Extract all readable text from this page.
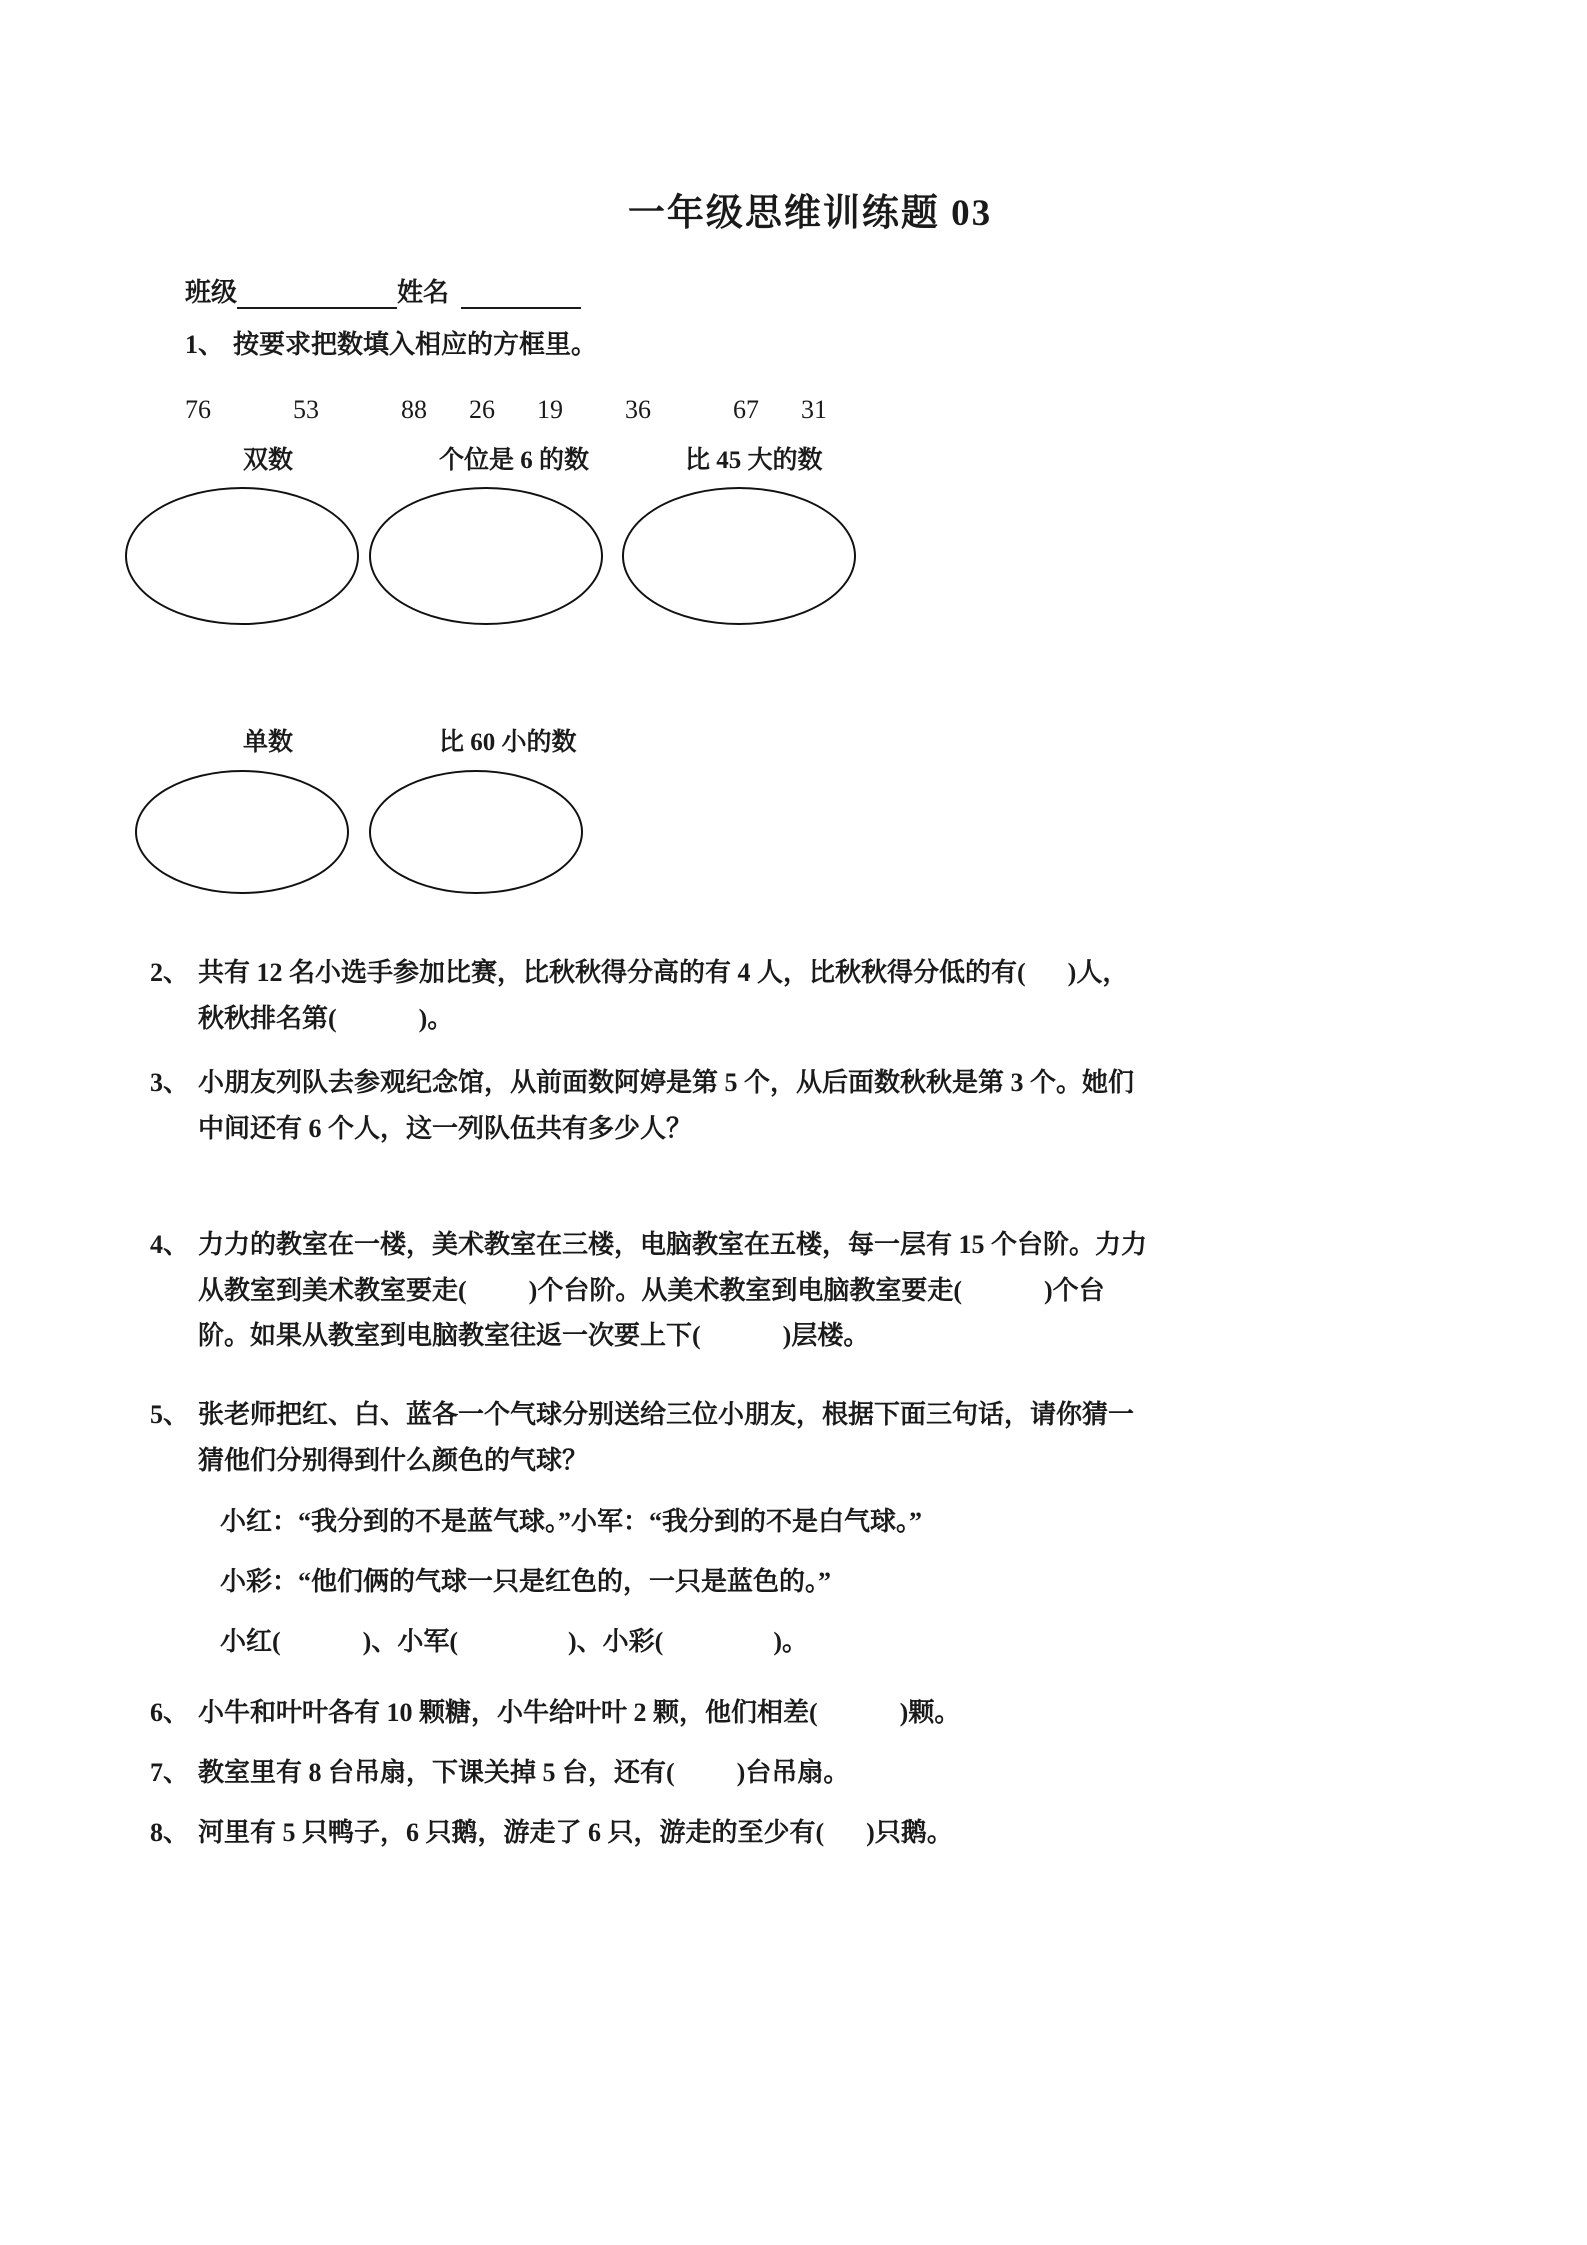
一年级思维训练题 03
班级	姓名
1、 按要求把数填入相应的方框里。
76	53	88 26 19 36	67 31
双数	个位是 6 的数	比 45 大的数
单数	比 60 小的数
2、 共有 12 名小选手参加比赛，比秋秋得分高的有 4 人，比秋秋得分低的有( )人，
秋秋排名第(	)。
3、 小朋友列队去参观纪念馆，从前面数阿婷是第 5 个，从后面数秋秋是第 3 个。她们
中间还有 6 个人，这一列队伍共有多少人？
4、 力力的教室在一楼，美术教室在三楼，电脑教室在五楼，每一层有 15 个台阶。力力
从教室到美术教室要走( )个台阶。从美术教室到电脑教室要走(	)个台
阶。如果从教室到电脑教室往返一次要上下(	)层楼。
5、 张老师把红、白、蓝各一个气球分别送给三位小朋友，根据下面三句话，请你猜一
猜他们分别得到什么颜色的气球？
小红：“我分到的不是蓝气球。”小军：“我分到的不是白气球。”
小彩：“他们俩的气球一只是红色的，一只是蓝色的。”
小红(	)、小军(	)、小彩(	)。
6、 小牛和叶叶各有 10 颗糖，小牛给叶叶 2 颗，他们相差(	)颗。
7、 教室里有 8 台吊扇，下课关掉 5 台，还有( )台吊扇。
8、 河里有 5 只鸭子，6 只鹅，游走了 6 只，游走的至少有( )只鹅。
